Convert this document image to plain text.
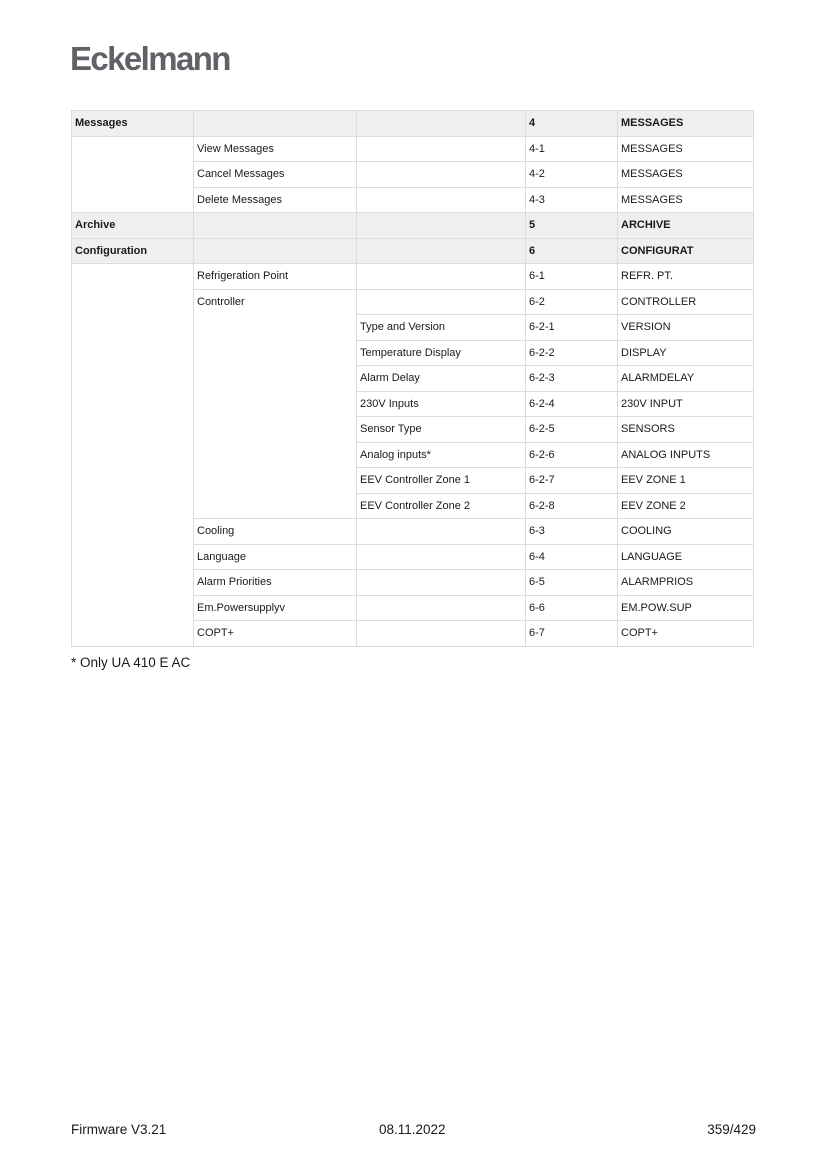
Eckelmann
Messages			4	MESSAGES
	View Messages		4-1	MESSAGES
	Cancel Messages		4-2	MESSAGES
	Delete Messages		4-3	MESSAGES
Archive			5	ARCHIVE
Configuration			6	CONFIGURAT
	Refrigeration Point		6-1	REFR. PT.
	Controller		6-2	CONTROLLER
		Type and Version	6-2-1	VERSION
		Temperature Display	6-2-2	DISPLAY
		Alarm Delay	6-2-3	ALARMDELAY
		230V Inputs	6-2-4	230V INPUT
		Sensor Type	6-2-5	SENSORS
		Analog inputs*	6-2-6	ANALOG INPUTS
		EEV Controller Zone 1	6-2-7	EEV ZONE 1
		EEV Controller Zone 2	6-2-8	EEV ZONE 2
	Cooling		6-3	COOLING
	Language		6-4	LANGUAGE
	Alarm Priorities		6-5	ALARMPRIOS
	Em.Powersupplyv		6-6	EM.POW.SUP
	COPT+		6-7	COPT+
* Only UA 410 E AC
Firmware V3.21	08.11.2022	359/429
